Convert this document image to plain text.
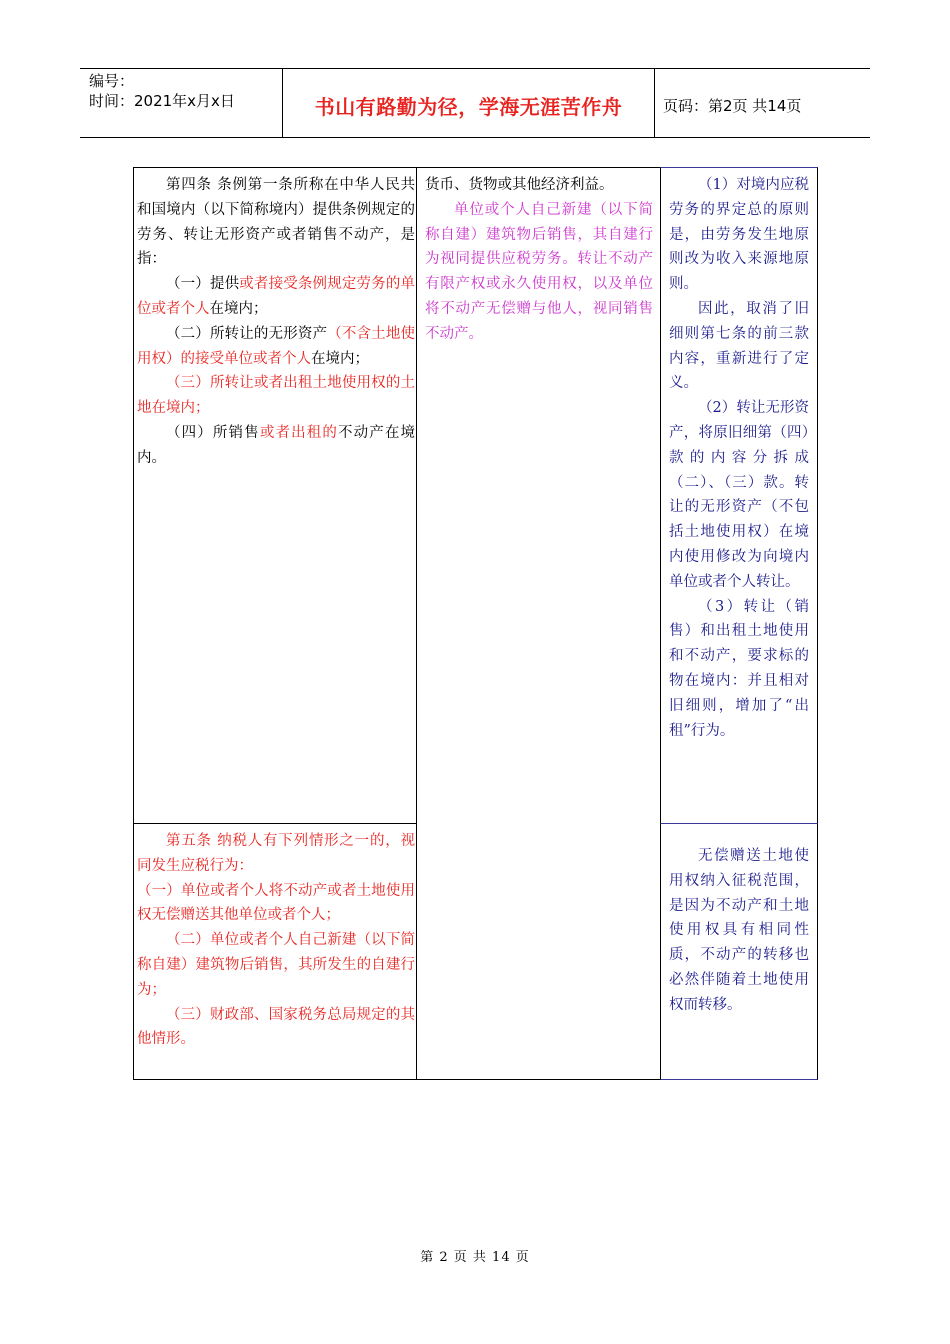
编号：
时间：2021年x月x日	书山有路勤为径，学海无涯苦作舟	页码：第2页 共14页

第四条 条例第一条所称在中华人民共和国境内（以下简称境内）提供条例规定的劳务、转让无形资产或者销售不动产，是指：

（一）提供或者接受条例规定劳务的单位或者个人在境内；

（二）所转让的无形资产（不含土地使用权）的接受单位或者个人在境内；

（三）所转让或者出租土地使用权的土地在境内；

（四）所销售或者出租的不动产在境内。

第五条 纳税人有下列情形之一的，视同发生应税行为：

（一）单位或者个人将不动产或者土地使用权无偿赠送其他单位或者个人；

（二）单位或者个人自己新建（以下简称自建）建筑物后销售，其所发生的自建行为；

（三）财政部、国家税务总局规定的其他情形。

货币、货物或其他经济利益。

单位或个人自己新建（以下简称自建）建筑物后销售，其自建行为视同提供应税劳务。转让不动产有限产权或永久使用权，以及单位将不动产无偿赠与他人，视同销售不动产。

（1）对境内应税劳务的界定总的原则是，由劳务发生地原则改为收入来源地原则。

因此，取消了旧细则第七条的前三款内容，重新进行了定义。

（2）转让无形资产，将原旧细第（四）款的内容分拆成（二）、（三）款。转让的无形资产（不包括土地使用权）在境内使用修改为向境内单位或者个人转让。

（3）转让（销售）和出租土地使用和不动产，要求标的物在境内：并且相对旧细则，增加了“出租”行为。

无偿赠送土地使用权纳入征税范围，是因为不动产和土地使用权具有相同性质，不动产的转移也必然伴随着土地使用权而转移。

第 2 页 共 14 页
